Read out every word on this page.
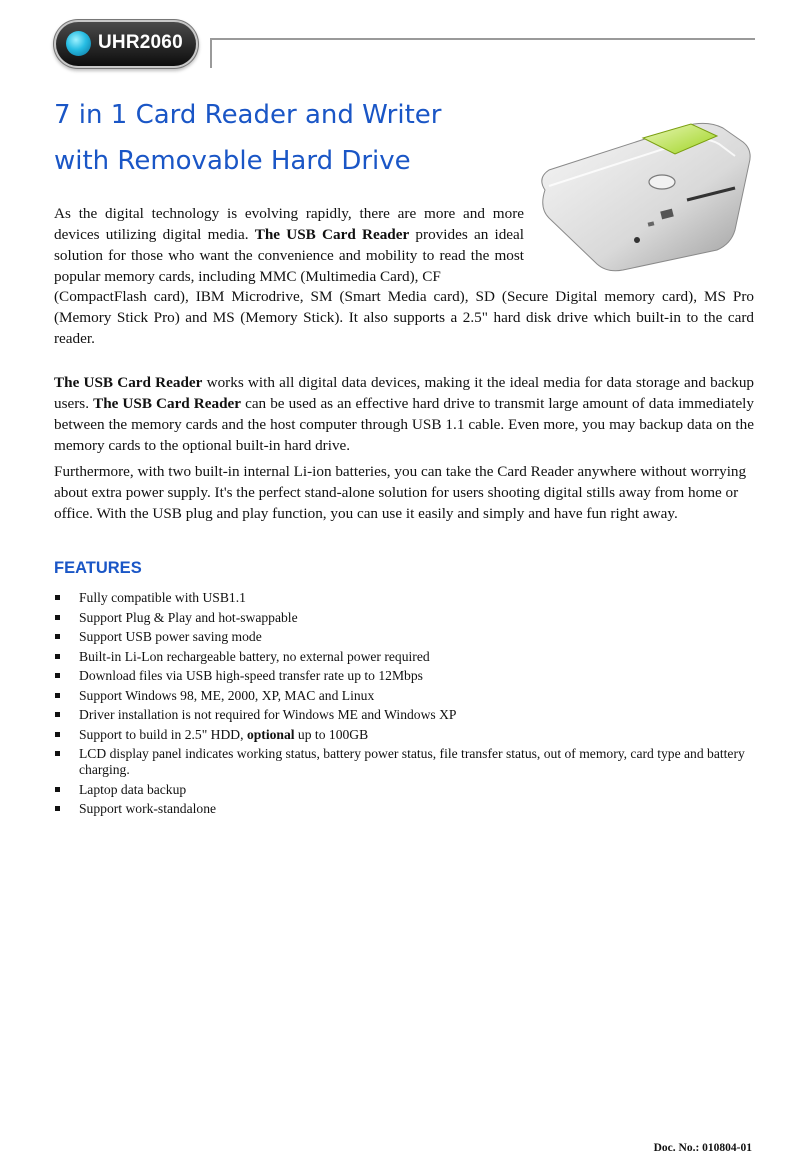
UHR2060
7 in 1 Card Reader and Writer
with Removable Hard Drive

As the digital technology is evolving rapidly, there are more and more devices utilizing digital media. The USB Card Reader provides an ideal solution for those who want the convenience and mobility to read the most popular memory cards, including MMC (Multimedia Card), CF

(CompactFlash card), IBM Microdrive, SM (Smart Media card), SD (Secure Digital memory card), MS Pro (Memory Stick Pro) and MS (Memory Stick). It also supports a 2.5" hard disk drive which built-in to the card reader.

The USB Card Reader works with all digital data devices, making it the ideal media for data storage and backup users. The USB Card Reader can be used as an effective hard drive to transmit large amount of data immediately between the memory cards and the host computer through USB 1.1 cable. Even more, you may backup data on the memory cards to the optional built-in hard drive.

Furthermore, with two built-in internal Li-ion batteries, you can take the Card Reader anywhere without worrying about extra power supply. It's the perfect stand-alone solution for users shooting digital stills away from home or office. With the USB plug and play function, you can use it easily and simply and have fun right away.

FEATURES
Fully compatible with USB1.1
Support Plug & Play and hot-swappable
Support USB power saving mode
Built-in Li-Lon rechargeable battery, no external power required
Download files via USB high-speed transfer rate up to 12Mbps
Support Windows 98, ME, 2000, XP, MAC and Linux
Driver installation is not required for Windows ME and Windows XP
Support to build in 2.5" HDD, optional up to 100GB
LCD display panel indicates working status, battery power status, file transfer status, out of memory, card type and battery charging.
Laptop data backup
Support work-standalone
Doc. No.: 010804-01
